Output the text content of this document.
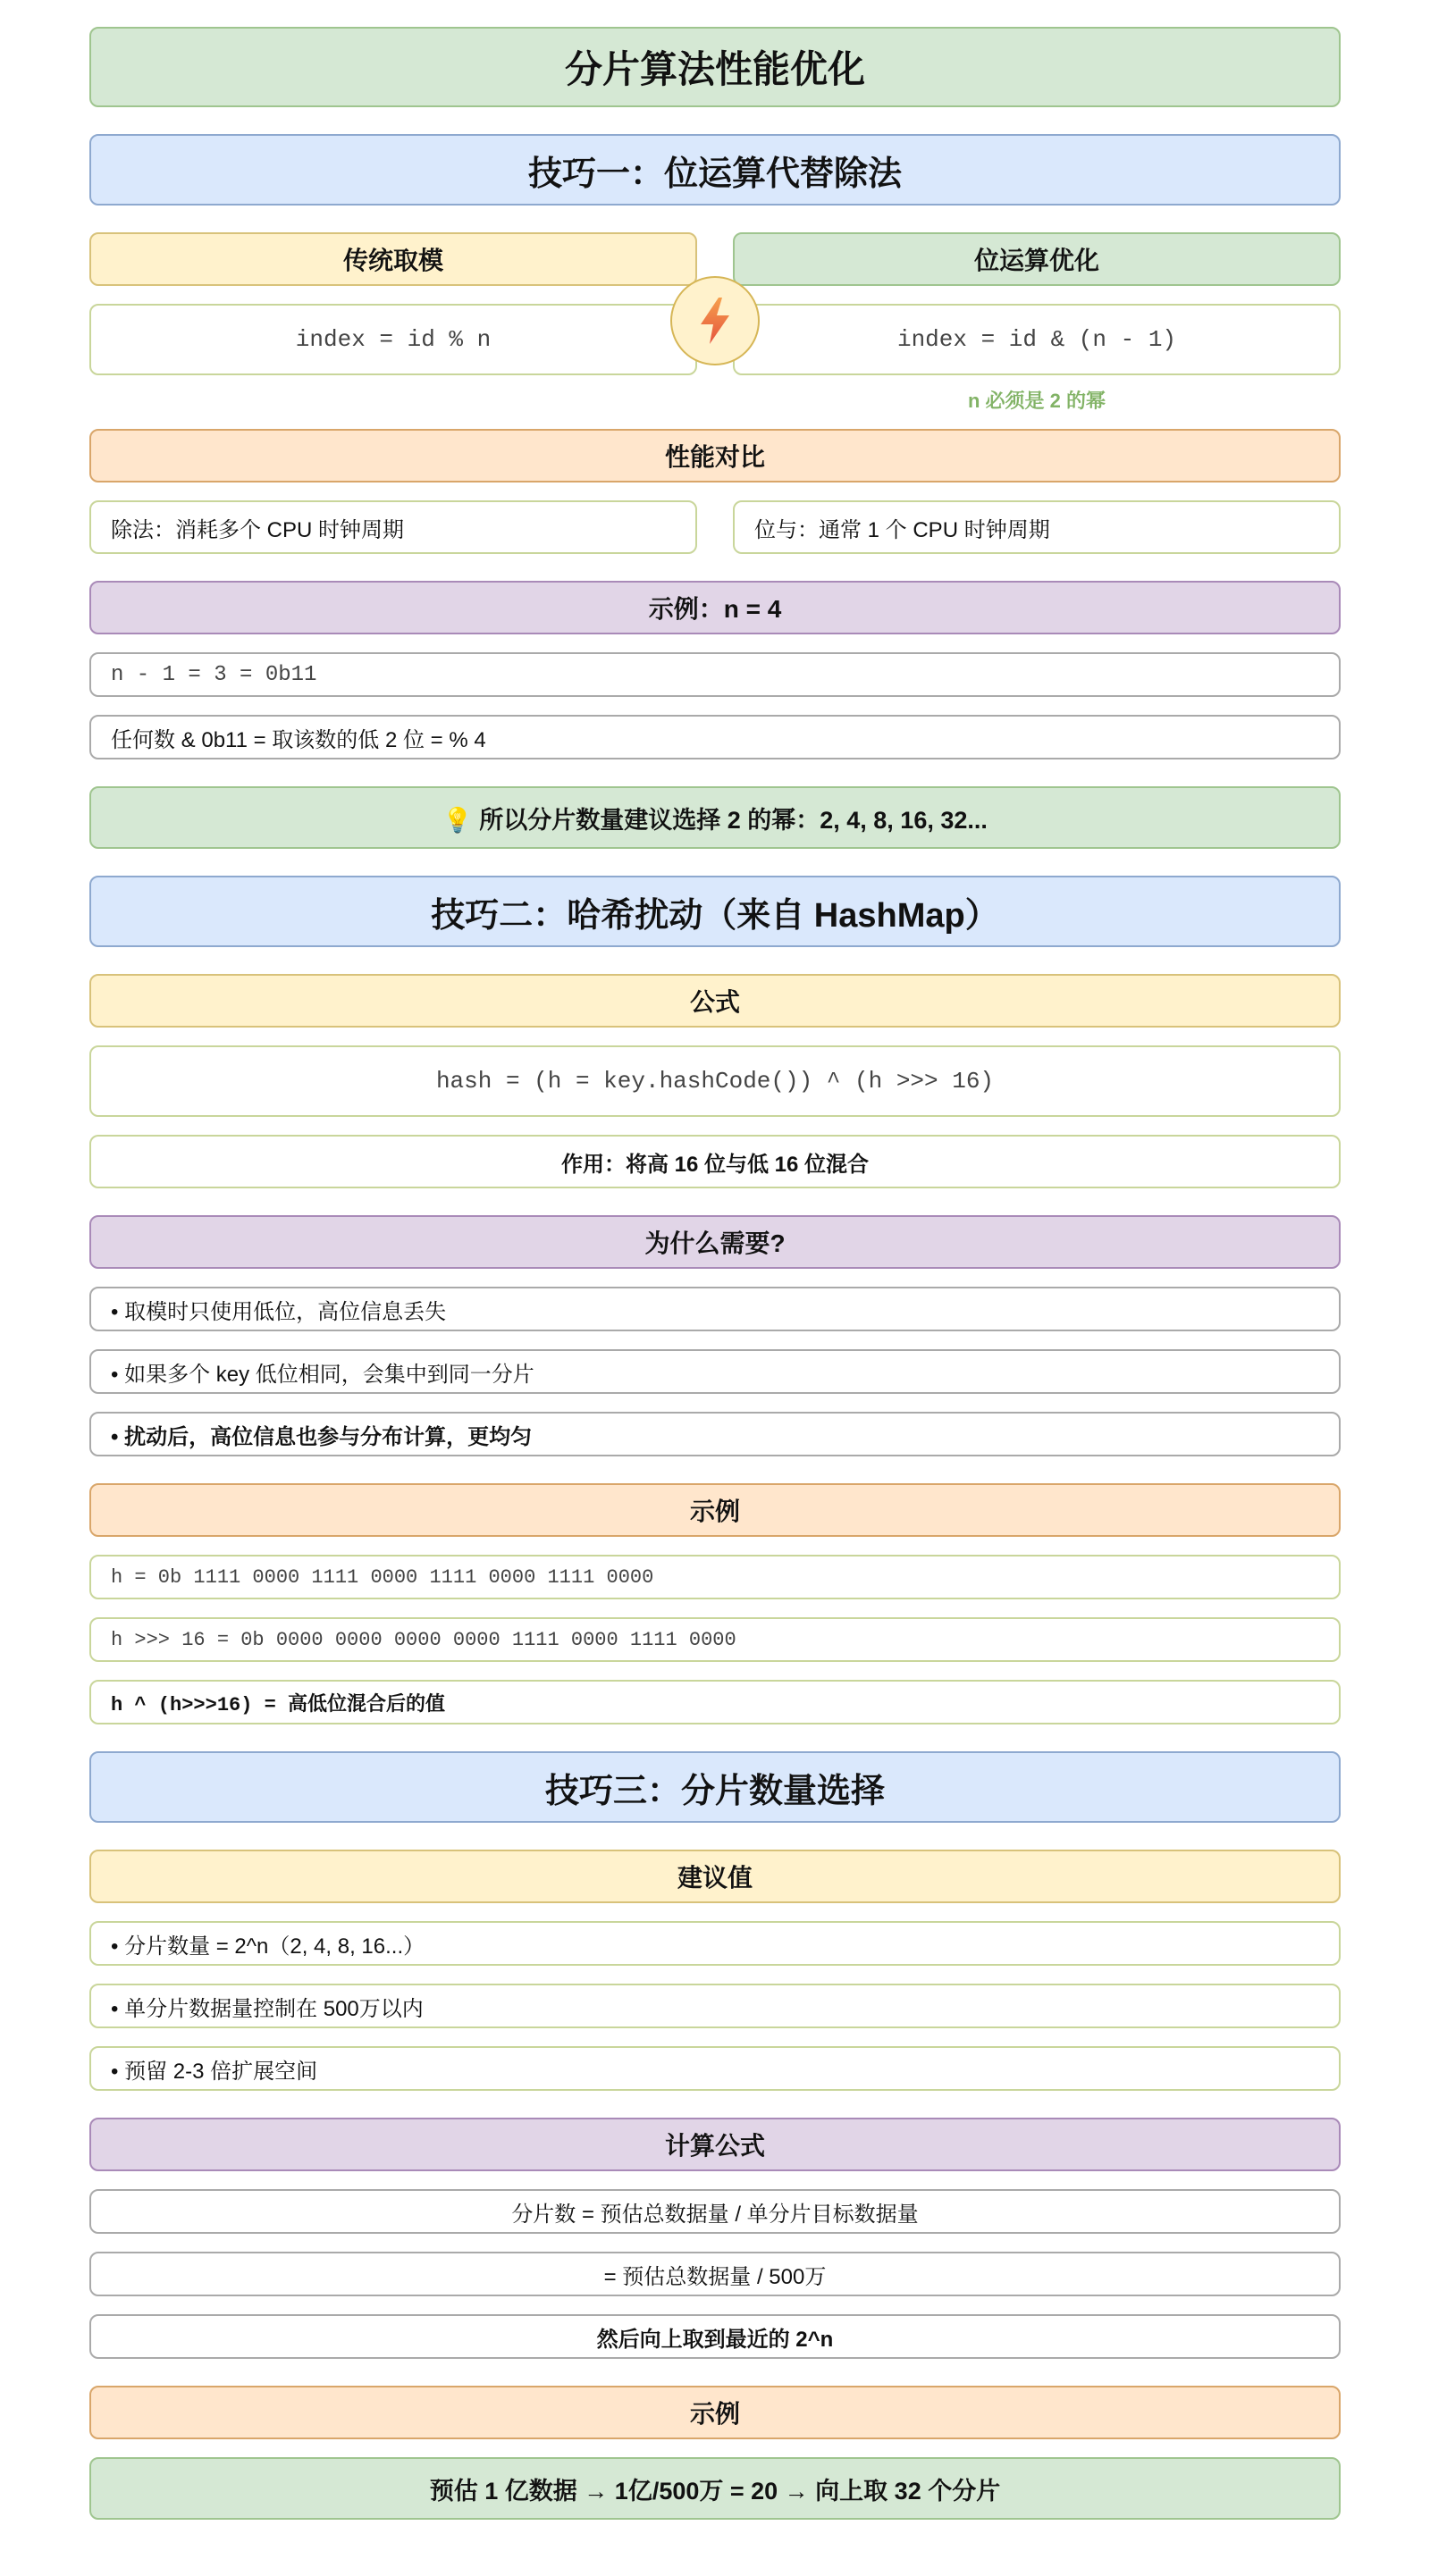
分片算法性能优化
技巧一：位运算代替除法
传统取模	位运算优化
index = id % n	index = id & (n - 1)
n 必须是 2 的幂
性能对比
除法：消耗多个 CPU 时钟周期	位与：通常 1 个 CPU 时钟周期
示例：n = 4
n - 1 = 3 = 0b11
任何数 & 0b11 = 取该数的低 2 位 = % 4
💡 所以分片数量建议选择 2 的幂：2, 4, 8, 16, 32...
技巧二：哈希扰动（来自 HashMap）
公式
hash = (h = key.hashCode()) ^ (h >>> 16)
作用：将高 16 位与低 16 位混合
为什么需要?
• 取模时只使用低位，高位信息丢失
• 如果多个 key 低位相同，会集中到同一分片
• 扰动后，高位信息也参与分布计算，更均匀
示例
h = 0b 1111 0000 1111 0000 1111 0000 1111 0000
h >>> 16 = 0b 0000 0000 0000 0000 1111 0000 1111 0000
h ^ (h>>>16) = 高低位混合后的值
技巧三：分片数量选择
建议值
• 分片数量 = 2^n（2, 4, 8, 16...）
• 单分片数据量控制在 500万以内
• 预留 2-3 倍扩展空间
计算公式
分片数 = 预估总数据量 / 单分片目标数据量
= 预估总数据量 / 500万
然后向上取到最近的 2^n
示例
预估 1 亿数据 → 1亿/500万 = 20 → 向上取 32 个分片
